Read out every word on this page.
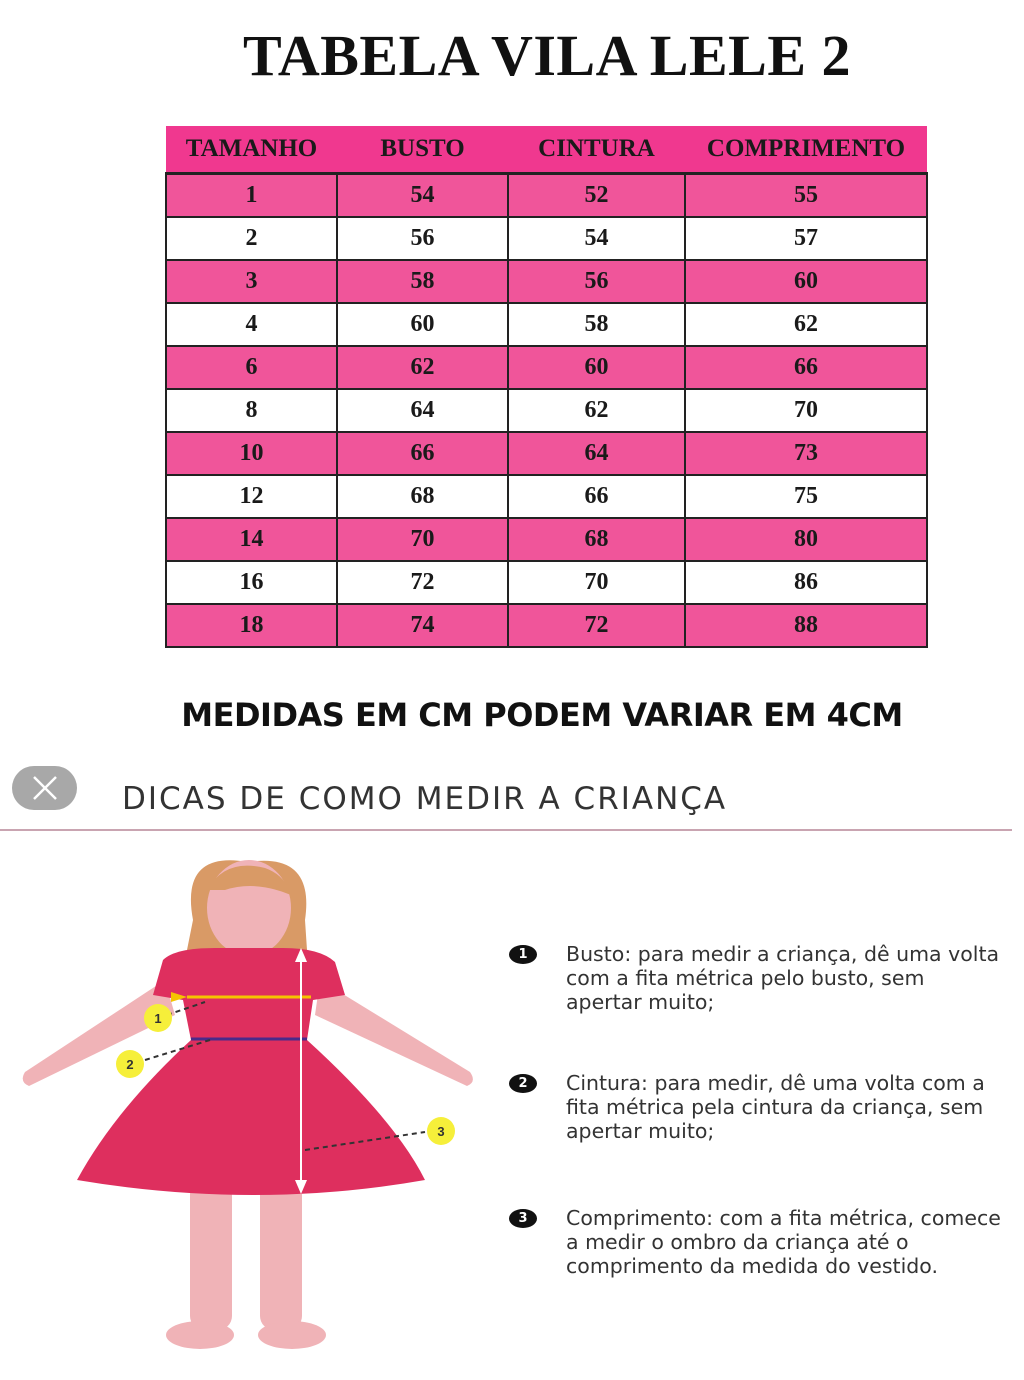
TABELA VILA LELE 2
TAMANHO	BUSTO	CINTURA	COMPRIMENTO
1	54	52	55
2	56	54	57
3	58	56	60
4	60	58	62
6	62	60	66
8	64	62	70
10	66	64	73
12	68	66	75
14	70	68	80
16	72	70	86
18	74	72	88
MEDIDAS EM CM PODEM VARIAR EM 4CM
DICAS DE COMO MEDIR A CRIANÇA
1
2
3
1	Busto: para medir a criança, dê uma volta com a fita métrica pelo busto, sem apertar muito;
2	Cintura: para medir, dê uma volta com a fita métrica pela cintura da criança, sem apertar muito;
3	Comprimento: com a fita métrica, comece a medir o ombro da criança até o comprimento da medida do vestido.
